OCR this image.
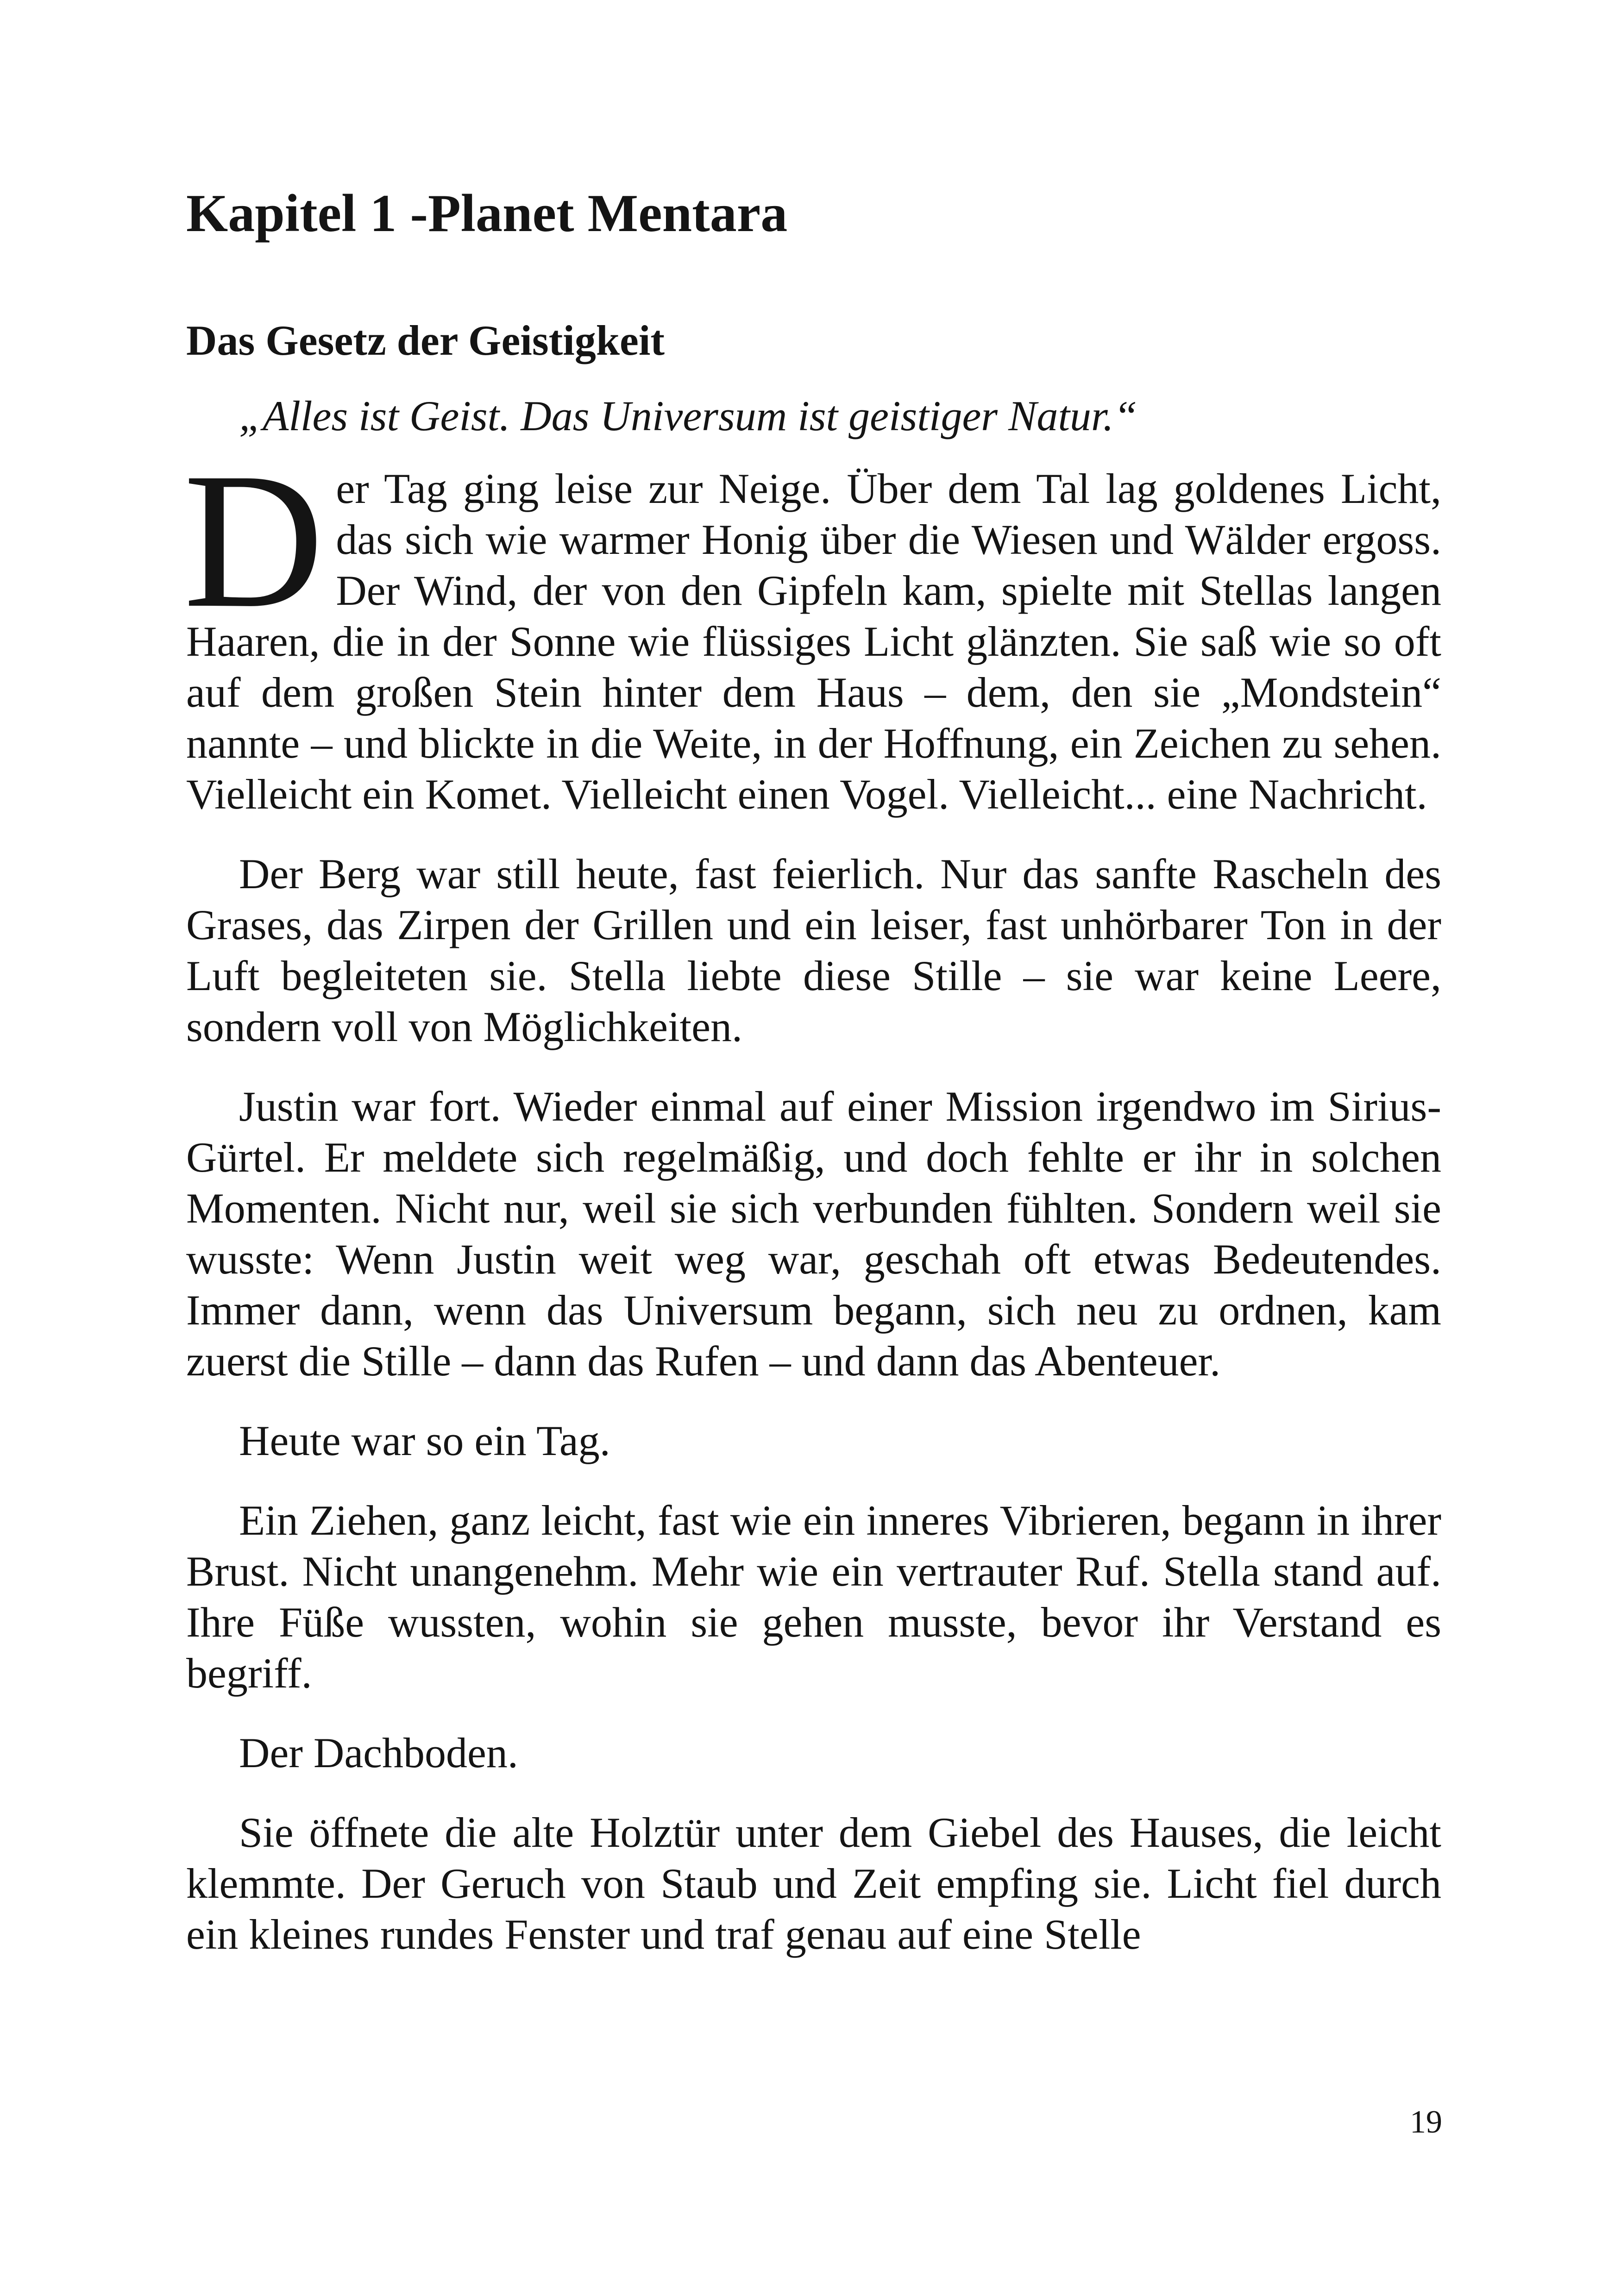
Kapitel 1 -Planet Mentara
Das Gesetz der Geistigkeit

„Alles ist Geist. Das Universum ist geistiger Natur.“

Der Tag ging leise zur Neige. Über dem Tal lag goldenes Licht, das sich wie warmer Honig über die Wiesen und Wälder ergoss. Der Wind, der von den Gipfeln kam, spielte mit Stellas langen Haaren, die in der Sonne wie flüssiges Licht glänzten. Sie saß wie so oft auf dem großen Stein hinter dem Haus – dem, den sie „Mondstein“ nannte – und blickte in die Weite, in der Hoffnung, ein Zeichen zu sehen. Vielleicht ein Komet. Vielleicht einen Vogel. Vielleicht... eine Nachricht.

Der Berg war still heute, fast feierlich. Nur das sanfte Rascheln des Grases, das Zirpen der Grillen und ein leiser, fast unhörbarer Ton in der Luft begleiteten sie. Stella liebte diese Stille – sie war keine Leere, sondern voll von Möglichkeiten.

Justin war fort. Wieder einmal auf einer Mission irgendwo im Sirius-Gürtel. Er meldete sich regelmäßig, und doch fehlte er ihr in solchen Momenten. Nicht nur, weil sie sich verbunden fühlten. Sondern weil sie wusste: Wenn Justin weit weg war, geschah oft etwas Bedeutendes. Immer dann, wenn das Universum begann, sich neu zu ordnen, kam zuerst die Stille – dann das Rufen – und dann das Abenteuer.

Heute war so ein Tag.

Ein Ziehen, ganz leicht, fast wie ein inneres Vibrieren, begann in ihrer Brust. Nicht unangenehm. Mehr wie ein vertrauter Ruf. Stella stand auf. Ihre Füße wussten, wohin sie gehen musste, bevor ihr Verstand es begriff.

Der Dachboden.

Sie öffnete die alte Holztür unter dem Giebel des Hauses, die leicht klemmte. Der Geruch von Staub und Zeit empfing sie. Licht fiel durch ein kleines rundes Fenster und traf genau auf eine Stelle

19
